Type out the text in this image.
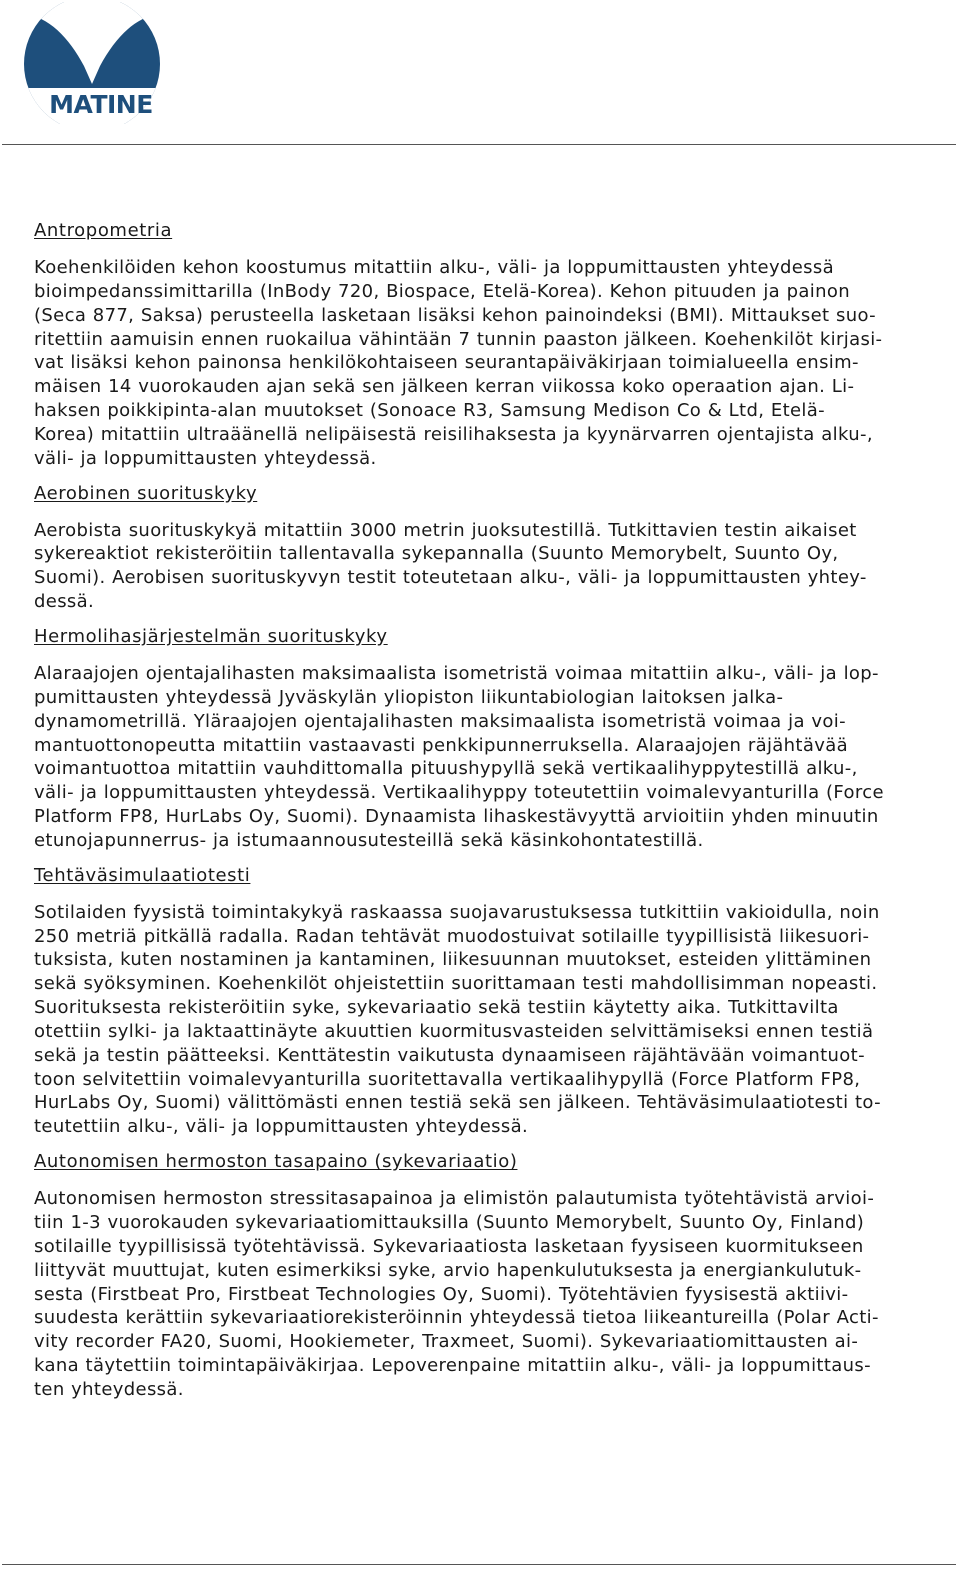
MATINE
Antropometria
Koehenkilöiden kehon koostumus mitattiin alku-, väli- ja loppumittausten yhteydessä
bioimpedanssimittarilla (InBody 720, Biospace, Etelä-Korea). Kehon pituuden ja painon
(Seca 877, Saksa) perusteella lasketaan lisäksi kehon painoindeksi (BMI). Mittaukset suo-
ritettiin aamuisin ennen ruokailua vähintään 7 tunnin paaston jälkeen. Koehenkilöt kirjasi-
vat lisäksi kehon painonsa henkilökohtaiseen seurantapäiväkirjaan toimialueella ensim-
mäisen 14 vuorokauden ajan sekä sen jälkeen kerran viikossa koko operaation ajan. Li-
haksen poikkipinta-alan muutokset (Sonoace R3, Samsung Medison Co & Ltd, Etelä-
Korea) mitattiin ultraäänellä nelipäisestä reisilihaksesta ja kyynärvarren ojentajista alku-,
väli- ja loppumittausten yhteydessä.
Aerobinen suorituskyky
Aerobista suorituskykyä mitattiin 3000 metrin juoksutestillä. Tutkittavien testin aikaiset
sykereaktiot rekisteröitiin tallentavalla sykepannalla (Suunto Memorybelt, Suunto Oy,
Suomi). Aerobisen suorituskyvyn testit toteutetaan alku-, väli- ja loppumittausten yhtey-
dessä.
Hermolihasjärjestelmän suorituskyky
Alaraajojen ojentajalihasten maksimaalista isometristä voimaa mitattiin alku-, väli- ja lop-
pumittausten yhteydessä Jyväskylän yliopiston liikuntabiologian laitoksen jalka-
dynamometrillä. Yläraajojen ojentajalihasten maksimaalista isometristä voimaa ja voi-
mantuottonopeutta mitattiin vastaavasti penkkipunnerruksella. Alaraajojen räjähtävää
voimantuottoa mitattiin vauhdittomalla pituushypyllä sekä vertikaalihyppytestillä alku-,
väli- ja loppumittausten yhteydessä. Vertikaalihyppy toteutettiin voimalevyanturilla (Force
Platform FP8, HurLabs Oy, Suomi). Dynaamista lihaskestävyyttä arvioitiin yhden minuutin
etunojapunnerrus- ja istumaannousutesteillä sekä käsinkohontatestillä.
Tehtäväsimulaatiotesti
Sotilaiden fyysistä toimintakykyä raskaassa suojavarustuksessa tutkittiin vakioidulla, noin
250 metriä pitkällä radalla. Radan tehtävät muodostuivat sotilaille tyypillisistä liikesuori-
tuksista, kuten nostaminen ja kantaminen, liikesuunnan muutokset, esteiden ylittäminen
sekä syöksyminen. Koehenkilöt ohjeistettiin suorittamaan testi mahdollisimman nopeasti.
Suorituksesta rekisteröitiin syke, sykevariaatio sekä testiin käytetty aika. Tutkittavilta
otettiin sylki- ja laktaattinäyte akuuttien kuormitusvasteiden selvittämiseksi ennen testiä
sekä ja testin päätteeksi. Kenttätestin vaikutusta dynaamiseen räjähtävään voimantuot-
toon selvitettiin voimalevyanturilla suoritettavalla vertikaalihypyllä (Force Platform FP8,
HurLabs Oy, Suomi) välittömästi ennen testiä sekä sen jälkeen. Tehtäväsimulaatiotesti to-
teutettiin alku-, väli- ja loppumittausten yhteydessä.
Autonomisen hermoston tasapaino (sykevariaatio)
Autonomisen hermoston stressitasapainoa ja elimistön palautumista työtehtävistä arvioi-
tiin 1-3 vuorokauden sykevariaatiomittauksilla (Suunto Memorybelt, Suunto Oy, Finland)
sotilaille tyypillisissä työtehtävissä. Sykevariaatiosta lasketaan fyysiseen kuormitukseen
liittyvät muuttujat, kuten esimerkiksi syke, arvio hapenkulutuksesta ja energiankulutuk-
sesta (Firstbeat Pro, Firstbeat Technologies Oy, Suomi). Työtehtävien fyysisestä aktiivi-
suudesta kerättiin sykevariaatiorekisteröinnin yhteydessä tietoa liikeantureilla (Polar Acti-
vity recorder FA20, Suomi, Hookiemeter, Traxmeet, Suomi). Sykevariaatiomittausten ai-
kana täytettiin toimintapäiväkirjaa. Lepoverenpaine mitattiin alku-, väli- ja loppumittaus-
ten yhteydessä.
